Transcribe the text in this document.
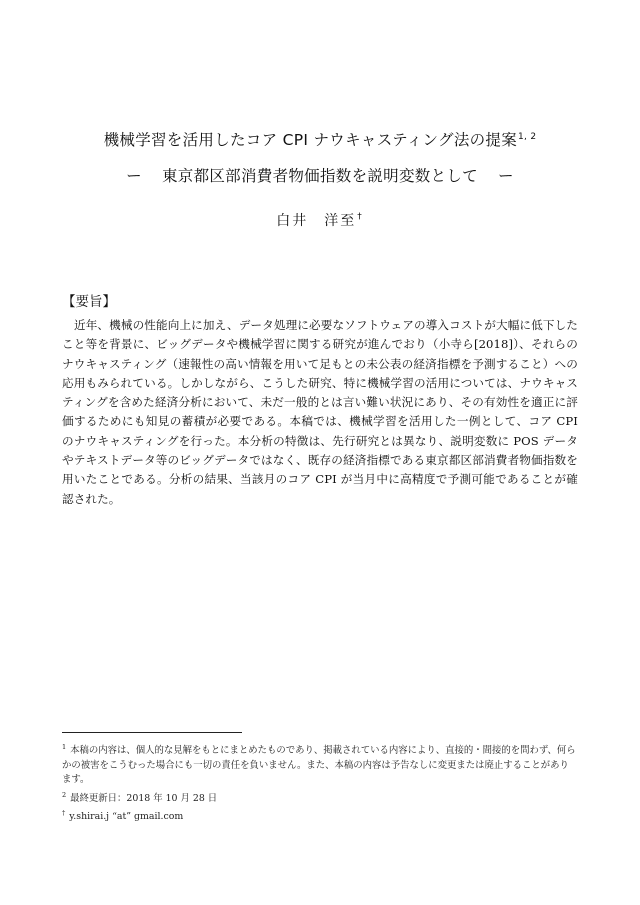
機械学習を活用したコア CPI ナウキャスティング法の提案$^{1, 2}$
ー 東京都区部消費者物価指数を説明変数として ー
白井　洋至†
【要旨】

近年、機械の性能向上に加え、データ処理に必要なソフトウェアの導入コストが大幅に低下したこと等を背景に、ビッグデータや機械学習に関する研究が進んでおり（小寺ら[2018]）、それらのナウキャスティング（速報性の高い情報を用いて足もとの未公表の経済指標を予測すること）への応用もみられている。しかしながら、こうした研究、特に機械学習の活用については、ナウキャスティングを含めた経済分析において、未だ一般的とは言い難い状況にあり、その有効性を適正に評価するためにも知見の蓄積が必要である。本稿では、機械学習を活用した一例として、コア CPI のナウキャスティングを行った。本分析の特徴は、先行研究とは異なり、説明変数に POS データやテキストデータ等のビッグデータではなく、既存の経済指標である東京都区部消費者物価指数を用いたことである。分析の結果、当該月のコア CPI が当月中に高精度で予測可能であることが確認された。

$^1$ 本稿の内容は、個人的な見解をもとにまとめたものであり、掲載されている内容により、直接的・間接的を問わず、何らかの被害をこうむった場合にも一切の責任を負いません。また、本稿の内容は予告なしに変更または廃止することがあります。

$^2$ 最終更新日：2018 年 10 月 28 日

† y.shirai.j “at” gmail.com
